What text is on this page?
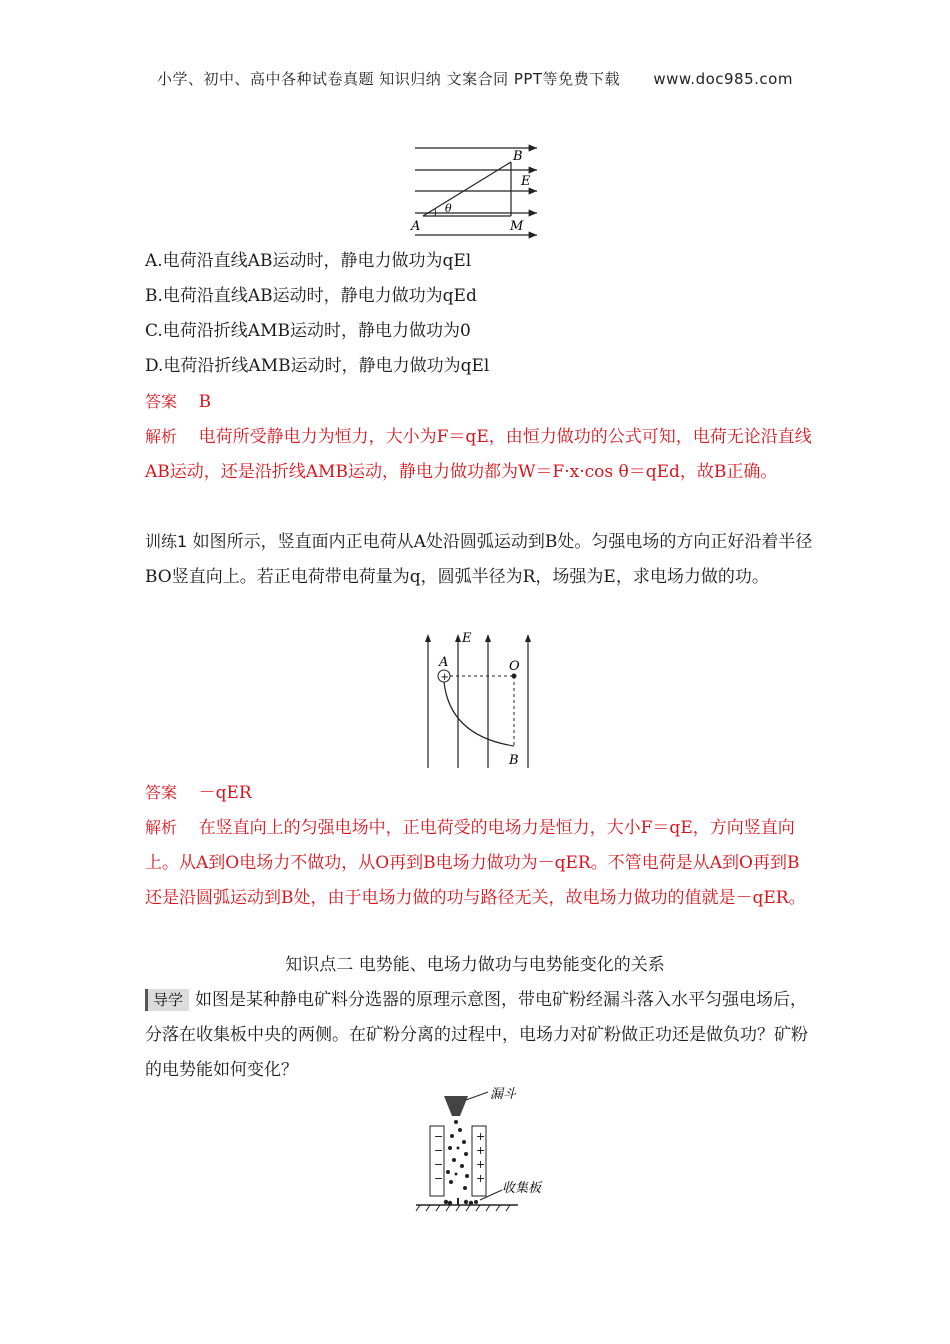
小学、初中、高中各种试卷真题 知识归纳 文案合同 PPT等免费下载 www.doc985.com
B
E
A
θ
M
A.电荷沿直线AB运动时，静电力做功为qEl
B.电荷沿直线AB运动时，静电力做功为qEd
C.电荷沿折线AMB运动时，静电力做功为0
D.电荷沿折线AMB运动时，静电力做功为qEl
答案 B
解析 电荷所受静电力为恒力，大小为F＝qE，由恒力做功的公式可知，电荷无论沿直线AB运动，还是沿折线AMB运动，静电力做功都为W＝F·x·cos θ＝qEd，故B正确。
训练1 如图所示，竖直面内正电荷从A处沿圆弧运动到B处。匀强电场的方向正好沿着半径BO竖直向上。若正电荷带电荷量为q，圆弧半径为R，场强为E，求电场力做的功。
+
E
A	O
B
答案 －qER
解析 在竖直向上的匀强电场中，正电荷受的电场力是恒力，大小F＝qE，方向竖直向上。从A到O电场力不做功，从O再到B电场力做功为－qER。不管电荷是从A到O再到B还是沿圆弧运动到B处，由于电场力做的功与路径无关，故电场力做功的值就是－qER。
知识点二 电势能、电场力做功与电势能变化的关系
导学 如图是某种静电矿料分选器的原理示意图，带电矿粉经漏斗落入水平匀强电场后，分落在收集板中央的两侧。在矿粉分离的过程中，电场力对矿粉做正功还是做负功？矿粉的电势能如何变化？
漏斗
−
−
−
−
+
+
+
+
收集板
